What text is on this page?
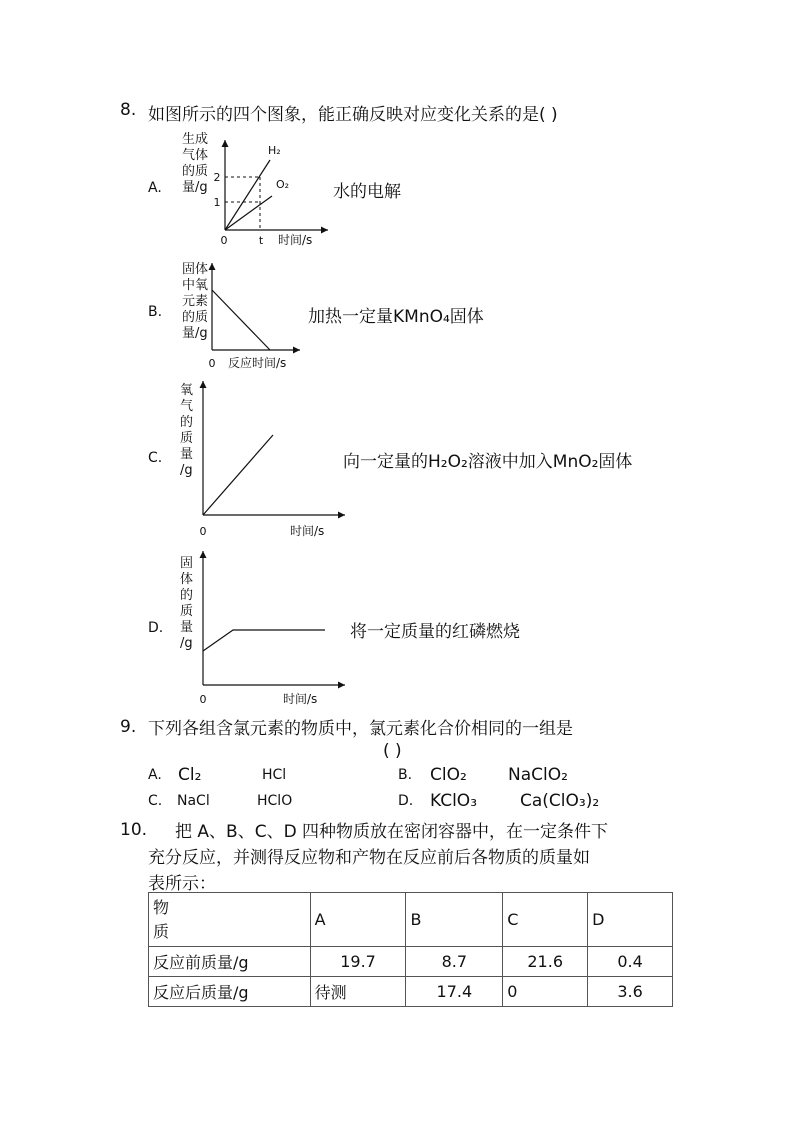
8. 如图所示的四个图象，能正确反映对应变化关系的是( )
A.
生成
气体
的质
量/g
2
1
0	t
H₂
O₂
时间/s
水的电解
B.
固体
中氧
元素
的质
量/g
0 反应时间/s
加热一定量KMnO₄固体
C.
氧
气
的
质
量
/g
0	时间/s
向一定量的H₂O₂溶液中加入MnO₂固体
D.
固
体
的
质
量
/g
0	时间/s
将一定质量的红磷燃烧
9. 下列各组含氯元素的物质中，氯元素化合价相同的一组是
( )
A. Cl₂	HCl	B. ClO₂ NaClO₂
C. NaCl	HClO	D. KClO₃	Ca(ClO₃)₂
10. 把 A、B、C、D 四种物质放在密闭容器中，在一定条件下
充分反应，并测得反应物和产物在反应前后各物质的质量如
表所示：
物
质	A	B	C	D
反应前质量/g	19.7	8.7	21.6	0.4
反应后质量/g	待测	17.4	0	3.6
